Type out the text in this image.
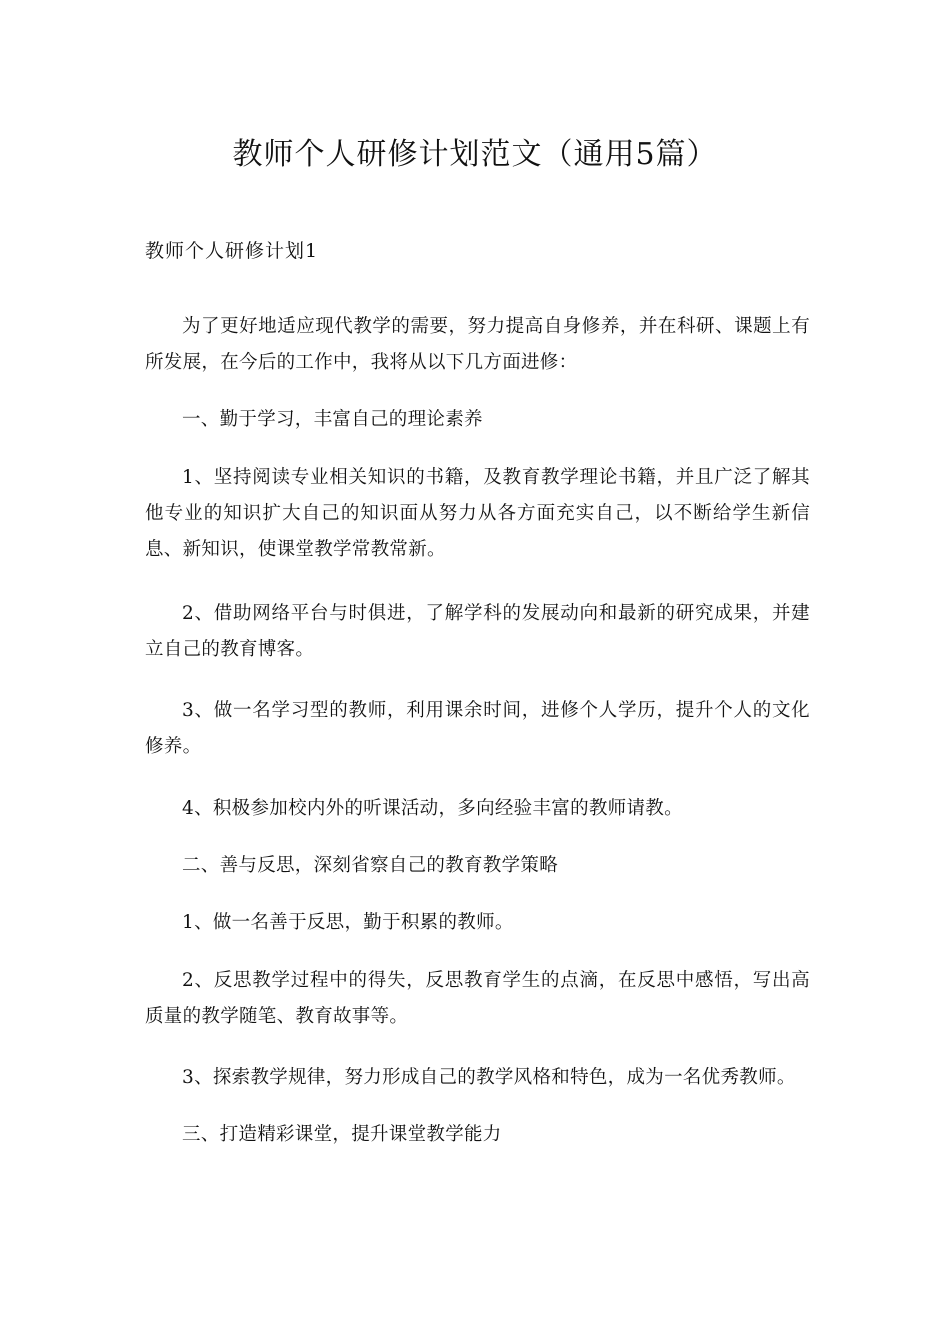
教师个人研修计划范文（通用5篇）

教师个人研修计划1

为了更好地适应现代教学的需要，努力提高自身修养，并在科研、课题上有所发展，在今后的工作中，我将从以下几方面进修：

一、勤于学习，丰富自己的理论素养

1、坚持阅读专业相关知识的书籍，及教育教学理论书籍，并且广泛了解其他专业的知识扩大自己的知识面从努力从各方面充实自己，以不断给学生新信息、新知识，使课堂教学常教常新。

2、借助网络平台与时俱进，了解学科的发展动向和最新的研究成果，并建立自己的教育博客。

3、做一名学习型的教师，利用课余时间，进修个人学历，提升个人的文化修养。

4、积极参加校内外的听课活动，多向经验丰富的教师请教。

二、善与反思，深刻省察自己的教育教学策略

1、做一名善于反思，勤于积累的教师。

2、反思教学过程中的得失，反思教育学生的点滴，在反思中感悟，写出高质量的教学随笔、教育故事等。

3、探索教学规律，努力形成自己的教学风格和特色，成为一名优秀教师。

三、打造精彩课堂，提升课堂教学能力
